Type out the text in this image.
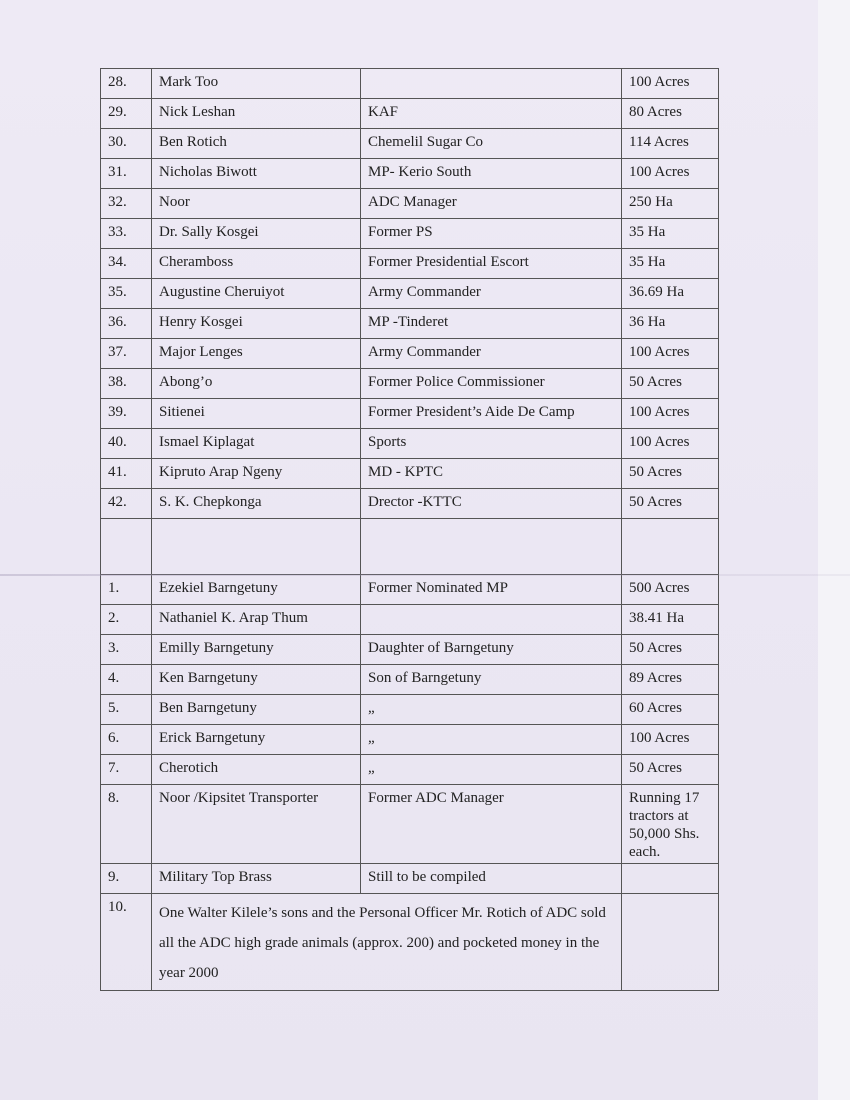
28.	Mark Too		100 Acres
29.	Nick Leshan	KAF	80 Acres
30.	Ben Rotich	Chemelil Sugar Co	114 Acres
31.	Nicholas Biwott	MP- Kerio South	100 Acres
32.	Noor	ADC Manager	250 Ha
33.	Dr. Sally Kosgei	Former PS	35 Ha
34.	Cheramboss	Former Presidential Escort	35 Ha
35.	Augustine Cheruiyot	Army Commander	36.69 Ha
36.	Henry Kosgei	MP -Tinderet	36 Ha
37.	Major Lenges	Army Commander	100 Acres
38.	Abong’o	Former Police Commissioner	50 Acres
39.	Sitienei	Former President’s Aide De Camp	100 Acres
40.	Ismael Kiplagat	Sports	100 Acres
41.	Kipruto Arap Ngeny	MD - KPTC	50 Acres
42.	S. K. Chepkonga	Drector -KTTC	50 Acres

1.	Ezekiel Barngetuny	Former Nominated MP	500 Acres
2.	Nathaniel K. Arap Thum		38.41 Ha
3.	Emilly Barngetuny	Daughter of Barngetuny	50 Acres
4.	Ken Barngetuny	Son of Barngetuny	89 Acres
5.	Ben Barngetuny	„	60 Acres
6.	Erick Barngetuny	„	100 Acres
7.	Cherotich	„	50 Acres
8.	Noor /Kipsitet Transporter	Former ADC Manager	Running 17 tractors at 50,000 Shs. each.
9.	Military Top Brass	Still to be compiled	
10.	One Walter Kilele’s sons and the Personal Officer Mr. Rotich of ADC sold all the ADC high grade animals (approx. 200) and pocketed money in the year 2000		
